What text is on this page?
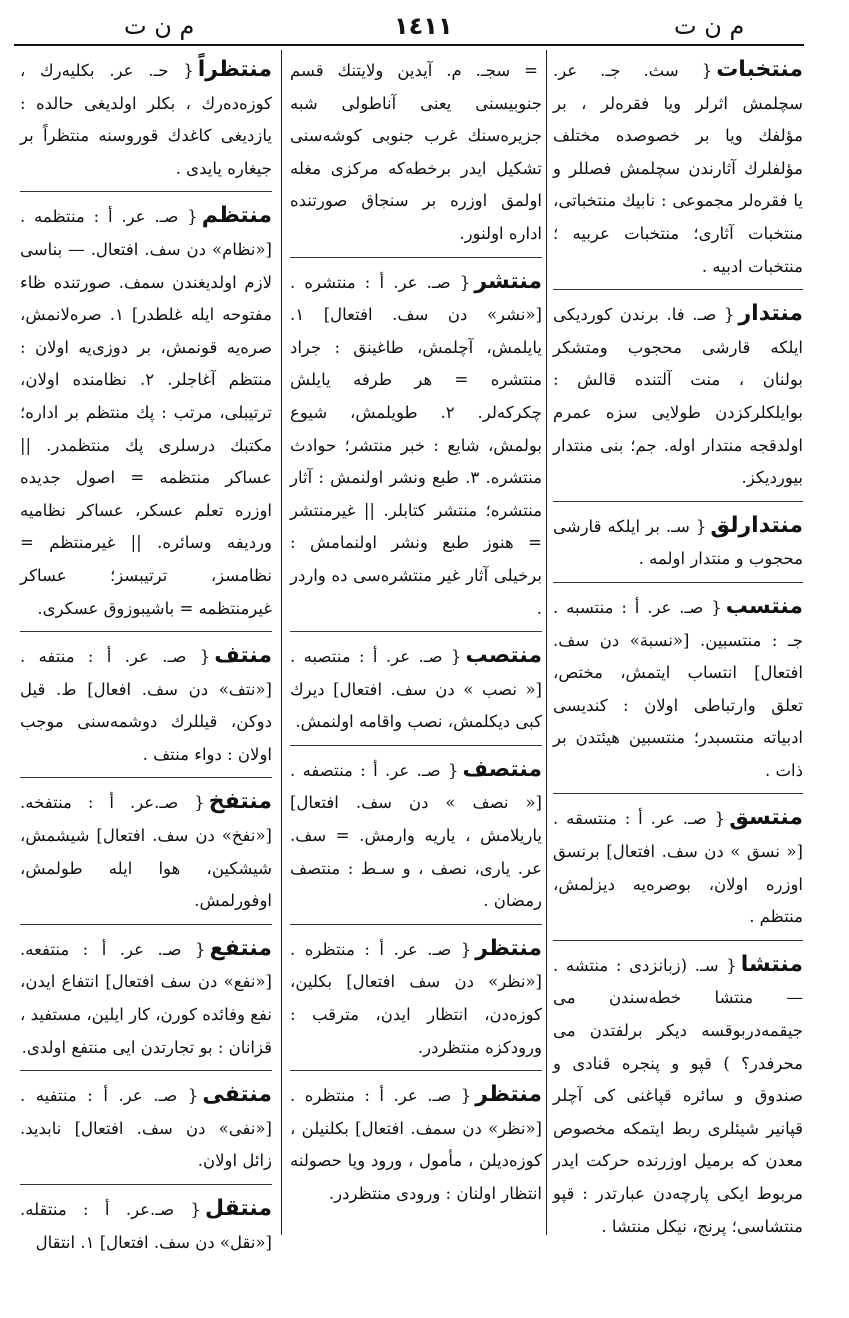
م ن ت	١٤١١	م ن ت
منتخبات{ سث. جـ. عر. سچلمش اثرلر ويا فقره‌لر ، بر مؤلفك ويا بر خصوصده مختلف مؤلفلرك آثارندن سچلمش فصللر و يا فقره‌لر مجموعى : نابيك منتخباتى، منتخبات آثارى؛ منتخبات عربيه ؛ منتخبات ادبيه .
منتدار{ صـ. فا. برندن كورديكى ايلكه قارشى محجوب ومتشكر بولنان ، منت آلتنده قالش : بوايلكلركزدن طولايى سزه عمرم اولدقجه منتدار اوله. جم؛ بنى منتدار بيورديكز.
منتدارلق{ سـ. بر ايلكه قارشى محجوب و منتدار اولمه .
منتسب{ صـ. عر. أ : منتسبه . جـ : منتسبين. [«نسبة» دن سف. افتعال] انتساب ايتمش، مختص، تعلق وارتباطى اولان : كنديسى ادبياته منتسبدر؛ منتسبين هيئتدن بر ذات .
منتسق{ صـ. عر. أ : منتسقه . [« نسق » دن سف. افتعال] برنسق اوزره اولان، بوصره‌يه ديزلمش، منتظم .
منتشا{ سـ. (زبانزدى : منتشه . — منتشا خطه‌سندن مى جيقمه‌دربوقسه ديكر برلفتدن مى محرفدر؟ ) قپو و پنجره قنادى و صندوق و سائره قپاغنى كى آچلر قپانير شيئلرى ربط ايتمكه مخصوص معدن كه برميل اوزرنده حركت ايدر مربوط ايكى پارچه‌دن عبارتدر : قپو منتشاسى؛ پرنج، نيكل منتشا .
= سجـ. م. آيدين ولايتنك قسم جنوبيسنى يعنى آناطولى شبه جزيره‌سنك غرب جنوبى كوشه‌سنى تشكيل ايدر برخطه‌كه مركزى مغله اولمق اوزره بر سنجاق صورتنده اداره اولنور.
منتشر{ صـ. عر. أ : منتشره . [«نشر» دن سف. افتعال] ١. يايلمش، آچلمش، طاغينق : جراد منتشره = هر طرفه يايلش چكركه‌لر. ٢. طويلمش، شيوع بولمش، شايع : خبر منتشر؛ حوادث منتشره. ٣. طبع ونشر اولنمش : آثار منتشره؛ منتشر كتابلر. || غيرمنتشر = هنوز طبع ونشر اولنمامش : برخيلى آثار غير منتشره‌سى ده واردر .
منتصب{ صـ. عر. أ : منتصبه . [« نصب » دن سف. افتعال] ديرك كبى ديكلمش، نصب واقامه اولنمش.
منتصف{ صـ. عر. أ : منتصفه . [« نصف » دن سف. افتعال] ياريلامش ، ياريه وارمش. = سف. عر. يارى، نصف ، و سـط : منتصف رمضان .
منتظر{ صـ. عر. أ : منتظره . [«نظر» دن سف افتعال] بكلين، كوزه‌دن، انتظار ايدن، مترقب : ورودكزه منتظردر.
منتظر{ صـ. عر. أ : منتظره . [«نظر» دن سمف. افتعال] بكلنيلن ، كوزه‌ديلن ، مأمول ، ورود ويا حصولنه انتظار اولنان : ورودى منتظردر.
منتظراً{ حـ. عر. بكليه‌رك ، كوزه‌ده‌رك ، بكلر اولديغى حالده : يازديغى كاغدك قوروسنه منتظراً بر جيغاره يايدى .
منتظم{ صـ. عر. أ : منتظمه . [«نظام» دن سف. افتعال. — بناسى لازم اولديغندن سمف. صورتنده ظاء مفتوحه ايله غلطدر] ١. صره‌لانمش، صره‌يه قونمش، بر دوزى‌يه اولان : منتظم آغاجلر. ٢. نظامنده اولان، ترتيبلى، مرتب : پك منتظم بر اداره؛ مكتبك درسلرى پك منتظمدر. || عساكر منتظمه = اصول جديده اوزره تعلم عسكر، عساكر نظاميه ورديفه وسائره. || غيرمنتظم = نظامسز، ترتيبسز؛ عساكر غيرمنتظمه = باشيبوزوق عسكرى.
منتف{ صـ. عر. أ : منتفه . [«نتف» دن سف. افعال] ط. قيل دوكن، قيللرك دوشمه‌سنى موجب اولان : دواء منتف .
منتفخ{ صـ.عر. أ : منتفخه. [«نفخ» دن سف. افتعال] شيشمش، شيشكين، هوا ايله طولمش، اوفورلمش.
منتفع{ صـ. عر. أ : منتفعه. [«نفع» دن سف افتعال] انتفاع ايدن، نفع وفائده كورن، كار ايلين، مستفيد ، قزانان : بو تجارتدن ايى منتفع اولدى.
منتفى{ صـ. عر. أ : منتفيه . [«نفى» دن سف. افتعال] نابديد. زائل اولان.
منتقل{ صـ.عر. أ : منتقله. [«نقل» دن سف. افتعال] ١. انتقال
